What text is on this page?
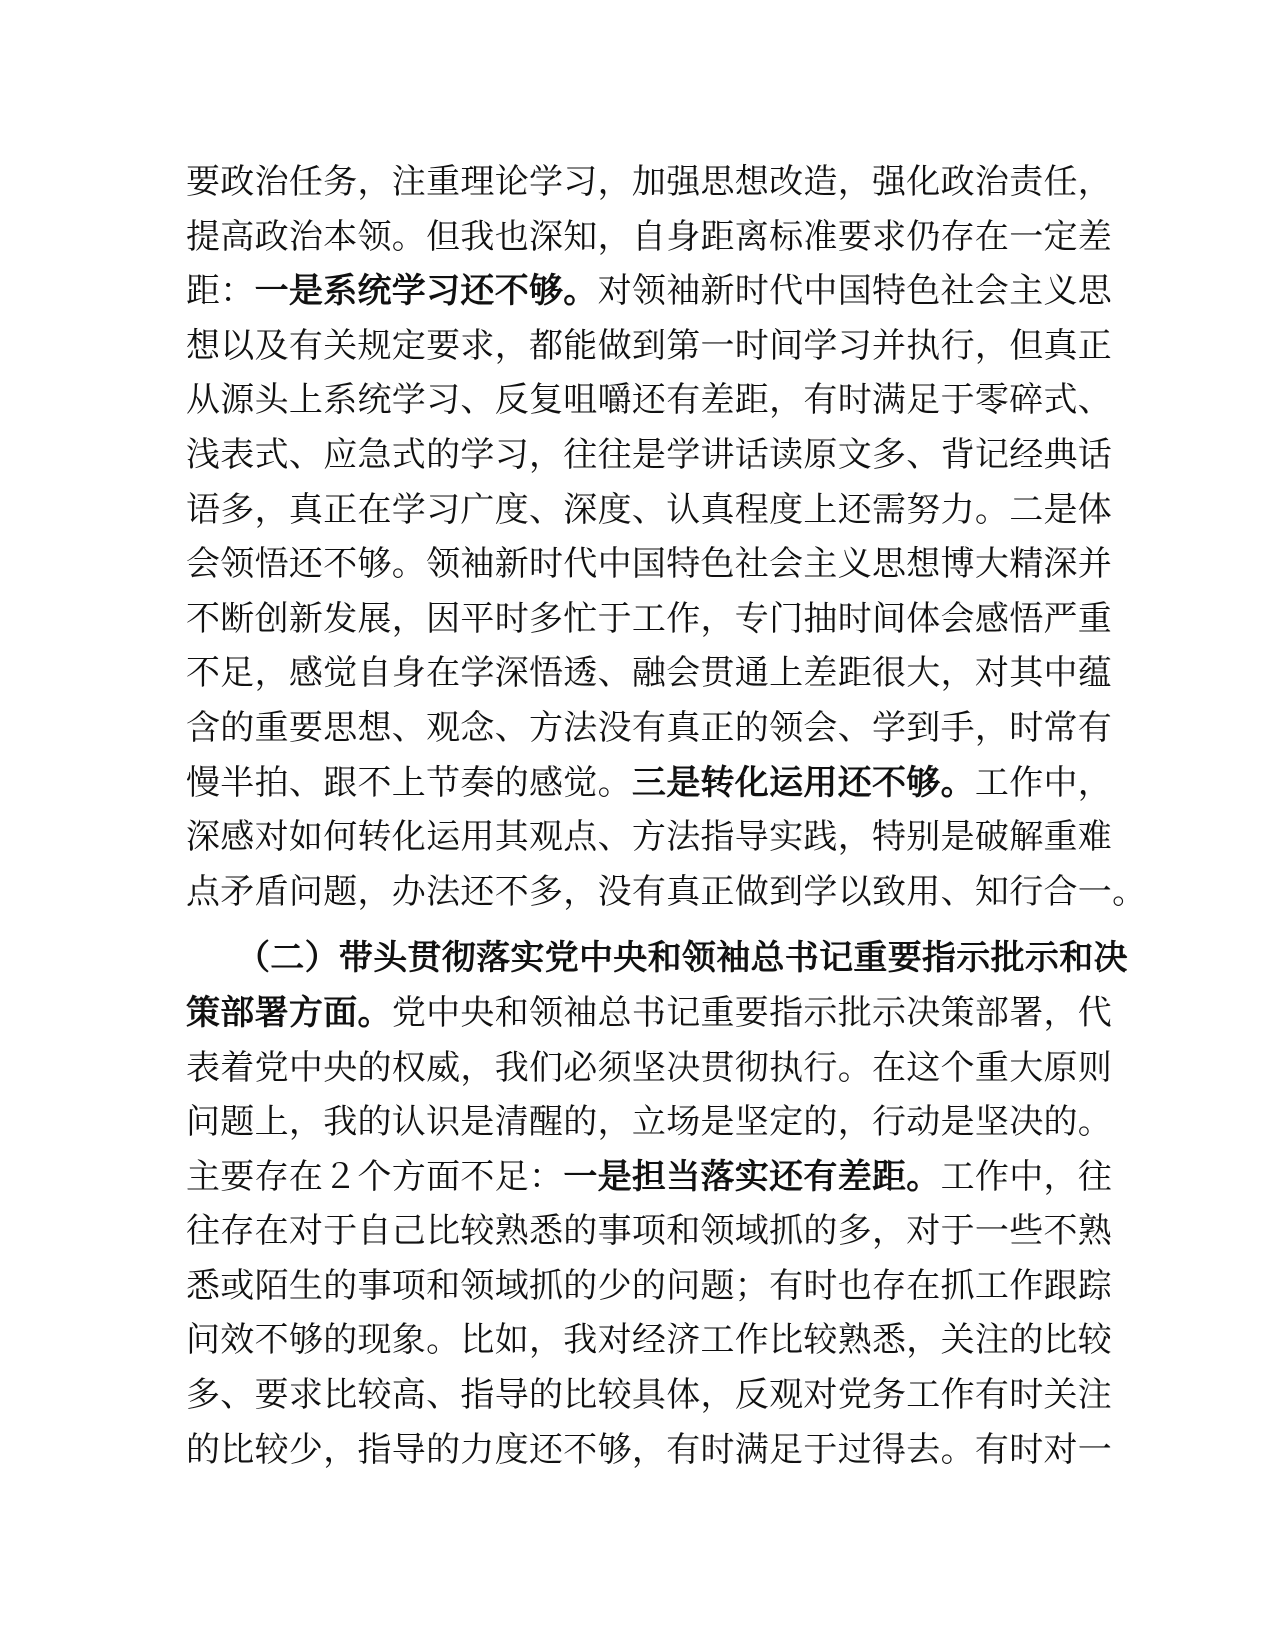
要政治任务，注重理论学习，加强思想改造，强化政治责任，
提高政治本领。但我也深知，自身距离标准要求仍存在一定差
距：一是系统学习还不够。对领袖新时代中国特色社会主义思
想以及有关规定要求，都能做到第一时间学习并执行，但真正
从源头上系统学习、反复咀嚼还有差距，有时满足于零碎式、
浅表式、应急式的学习，往往是学讲话读原文多、背记经典话
语多，真正在学习广度、深度、认真程度上还需努力。二是体
会领悟还不够。领袖新时代中国特色社会主义思想博大精深并
不断创新发展，因平时多忙于工作，专门抽时间体会感悟严重
不足，感觉自身在学深悟透、融会贯通上差距很大，对其中蕴
含的重要思想、观念、方法没有真正的领会、学到手，时常有
慢半拍、跟不上节奏的感觉。三是转化运用还不够。工作中，
深感对如何转化运用其观点、方法指导实践，特别是破解重难
点矛盾问题，办法还不多，没有真正做到学以致用、知行合一。
（二）带头贯彻落实党中央和领袖总书记重要指示批示和决
策部署方面。党中央和领袖总书记重要指示批示决策部署，代
表着党中央的权威，我们必须坚决贯彻执行。在这个重大原则
问题上，我的认识是清醒的，立场是坚定的，行动是坚决的。
主要存在２个方面不足：一是担当落实还有差距。工作中，往
往存在对于自己比较熟悉的事项和领域抓的多，对于一些不熟
悉或陌生的事项和领域抓的少的问题；有时也存在抓工作跟踪
问效不够的现象。比如，我对经济工作比较熟悉，关注的比较
多、要求比较高、指导的比较具体，反观对党务工作有时关注
的比较少，指导的力度还不够，有时满足于过得去。有时对一
